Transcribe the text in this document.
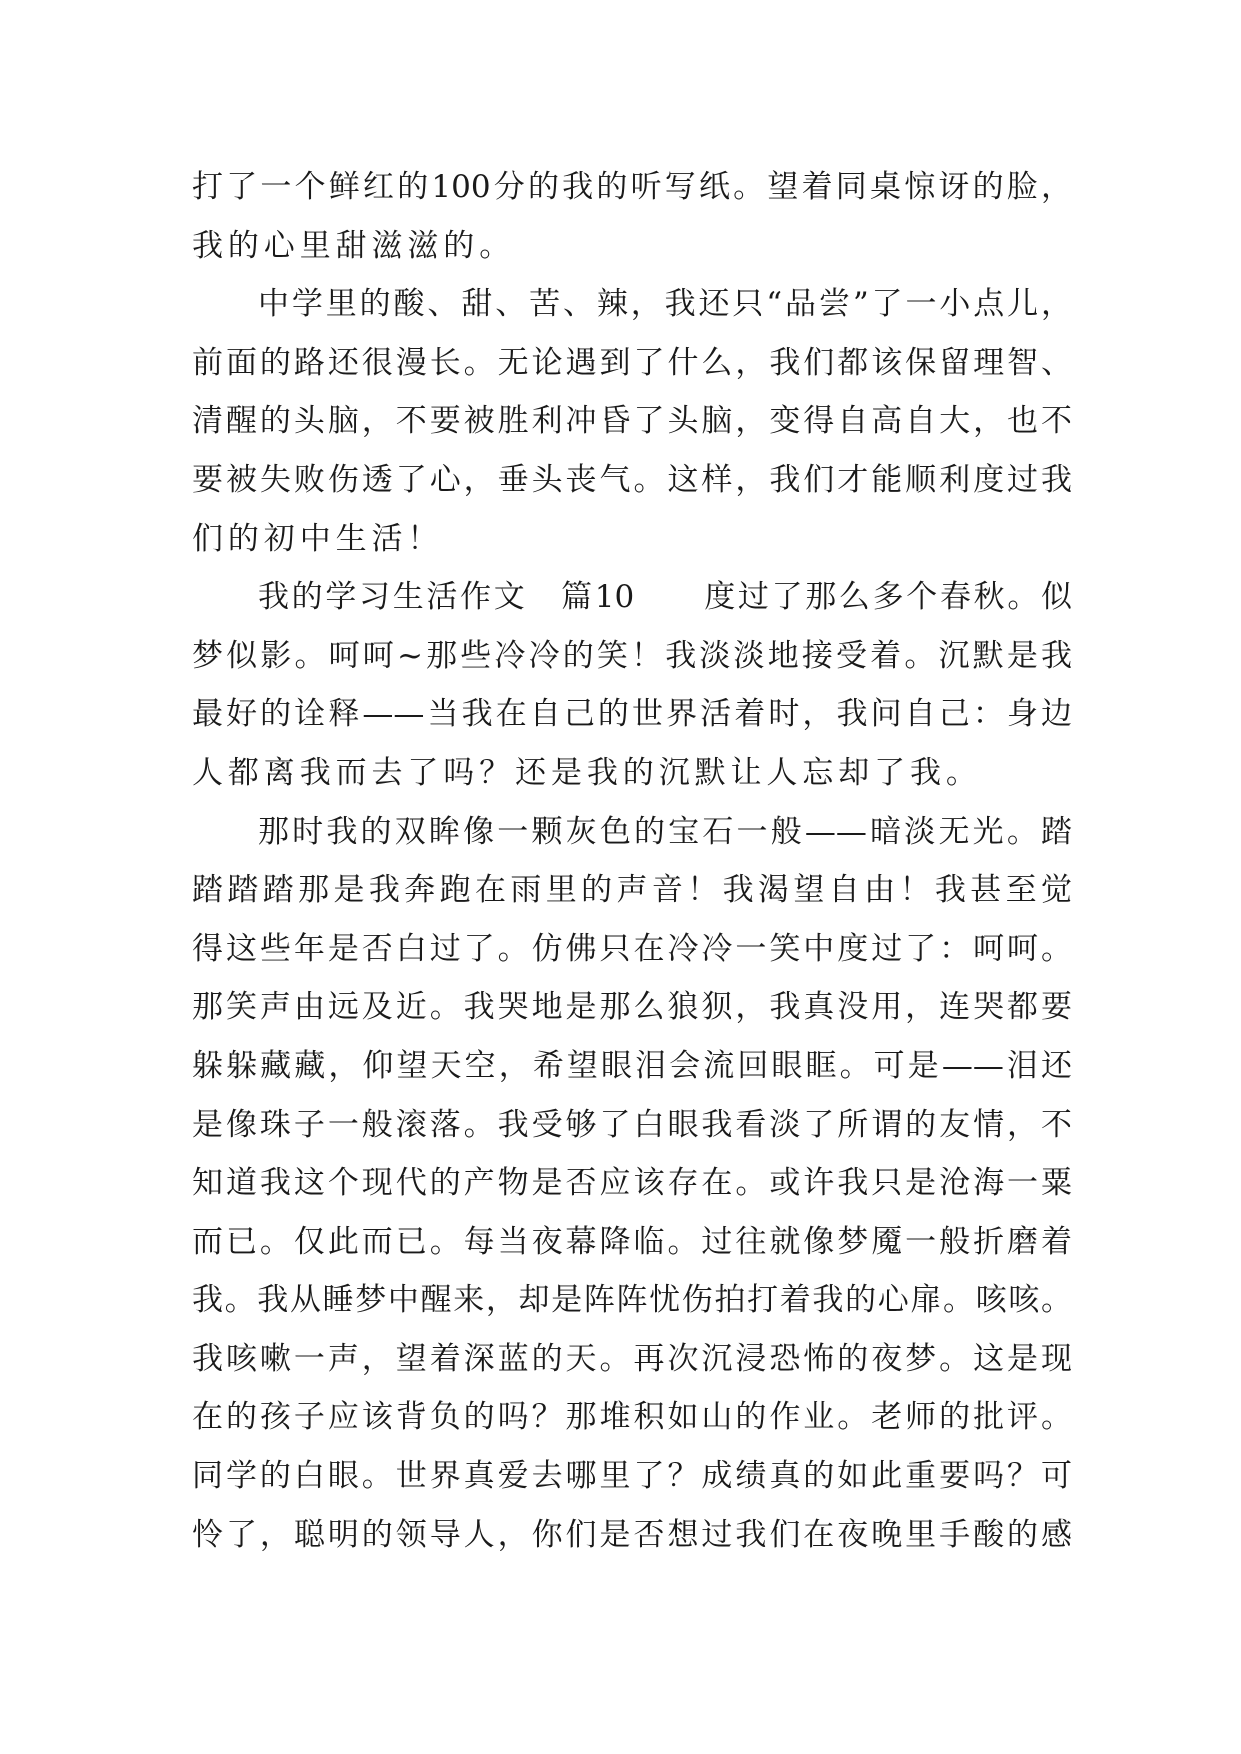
打了一个鲜红的100分的我的听写纸。望着同桌惊讶的脸，
我的心里甜滋滋的。
中学里的酸、甜、苦、辣，我还只“品尝”了一小点儿，
前面的路还很漫长。无论遇到了什么，我们都该保留理智、
清醒的头脑，不要被胜利冲昏了头脑，变得自高自大，也不
要被失败伤透了心，垂头丧气。这样，我们才能顺利度过我
们的初中生活！
我的学习生活作文　篇10　　度过了那么多个春秋。似
梦似影。呵呵~那些冷冷的笑！我淡淡地接受着。沉默是我
最好的诠释——当我在自己的世界活着时，我问自己：身边
人都离我而去了吗？还是我的沉默让人忘却了我。
那时我的双眸像一颗灰色的宝石一般——暗淡无光。踏
踏踏踏那是我奔跑在雨里的声音！我渴望自由！我甚至觉
得这些年是否白过了。仿佛只在冷冷一笑中度过了：呵呵。
那笑声由远及近。我哭地是那么狼狈，我真没用，连哭都要
躲躲藏藏，仰望天空，希望眼泪会流回眼眶。可是——泪还
是像珠子一般滚落。我受够了白眼我看淡了所谓的友情，不
知道我这个现代的产物是否应该存在。或许我只是沧海一粟
而已。仅此而已。每当夜幕降临。过往就像梦魇一般折磨着
我。我从睡梦中醒来，却是阵阵忧伤拍打着我的心扉。咳咳。
我咳嗽一声，望着深蓝的天。再次沉浸恐怖的夜梦。这是现
在的孩子应该背负的吗？那堆积如山的作业。老师的批评。
同学的白眼。世界真爱去哪里了？成绩真的如此重要吗？可
怜了，聪明的领导人，你们是否想过我们在夜晚里手酸的感
